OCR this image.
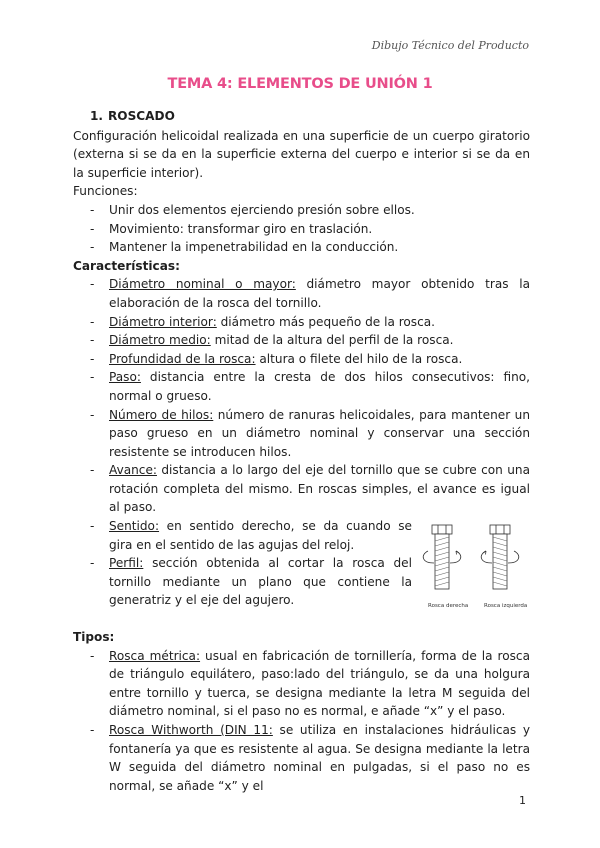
Dibujo Técnico del Producto
TEMA 4: ELEMENTOS DE UNIÓN 1
1. ROSCADO

Configuración helicoidal realizada en una superficie de un cuerpo giratorio (externa si se da en la superficie externa del cuerpo e interior si se da en la superficie interior).

Funciones:

- Unir dos elementos ejerciendo presión sobre ellos.
- Movimiento: transformar giro en traslación.
- Mantener la impenetrabilidad en la conducción.

Características:

- Diámetro nominal o mayor: diámetro mayor obtenido tras la elaboración de la rosca del tornillo.
- Diámetro interior: diámetro más pequeño de la rosca.
- Diámetro medio: mitad de la altura del perfil de la rosca.
- Profundidad de la rosca: altura o filete del hilo de la rosca.
- Paso: distancia entre la cresta de dos hilos consecutivos: fino, normal o grueso.
- Número de hilos: número de ranuras helicoidales, para mantener un paso grueso en un diámetro nominal y conservar una sección resistente se introducen hilos.
- Avance: distancia a lo largo del eje del tornillo que se cubre con una rotación completa del mismo. En roscas simples, el avance es igual al paso.
- Sentido: en sentido derecho, se da cuando se gira en el sentido de las agujas del reloj.
- Perfil: sección obtenida al cortar la rosca del tornillo mediante un plano que contiene la generatriz y el eje del agujero.	Rosca derecha	Rosca izquierda

Tipos:

- Rosca métrica: usual en fabricación de tornillería, forma de la rosca de triángulo equilátero, paso:lado del triángulo, se da una holgura entre tornillo y tuerca, se designa mediante la letra M seguida del diámetro nominal, si el paso no es normal, e añade “x” y el paso.
- Rosca Withworth (DIN 11: se utiliza en instalaciones hidráulicas y fontanería ya que es resistente al agua. Se designa mediante la letra W seguida del diámetro nominal en pulgadas, si el paso no es normal, se añade “x” y el
1
